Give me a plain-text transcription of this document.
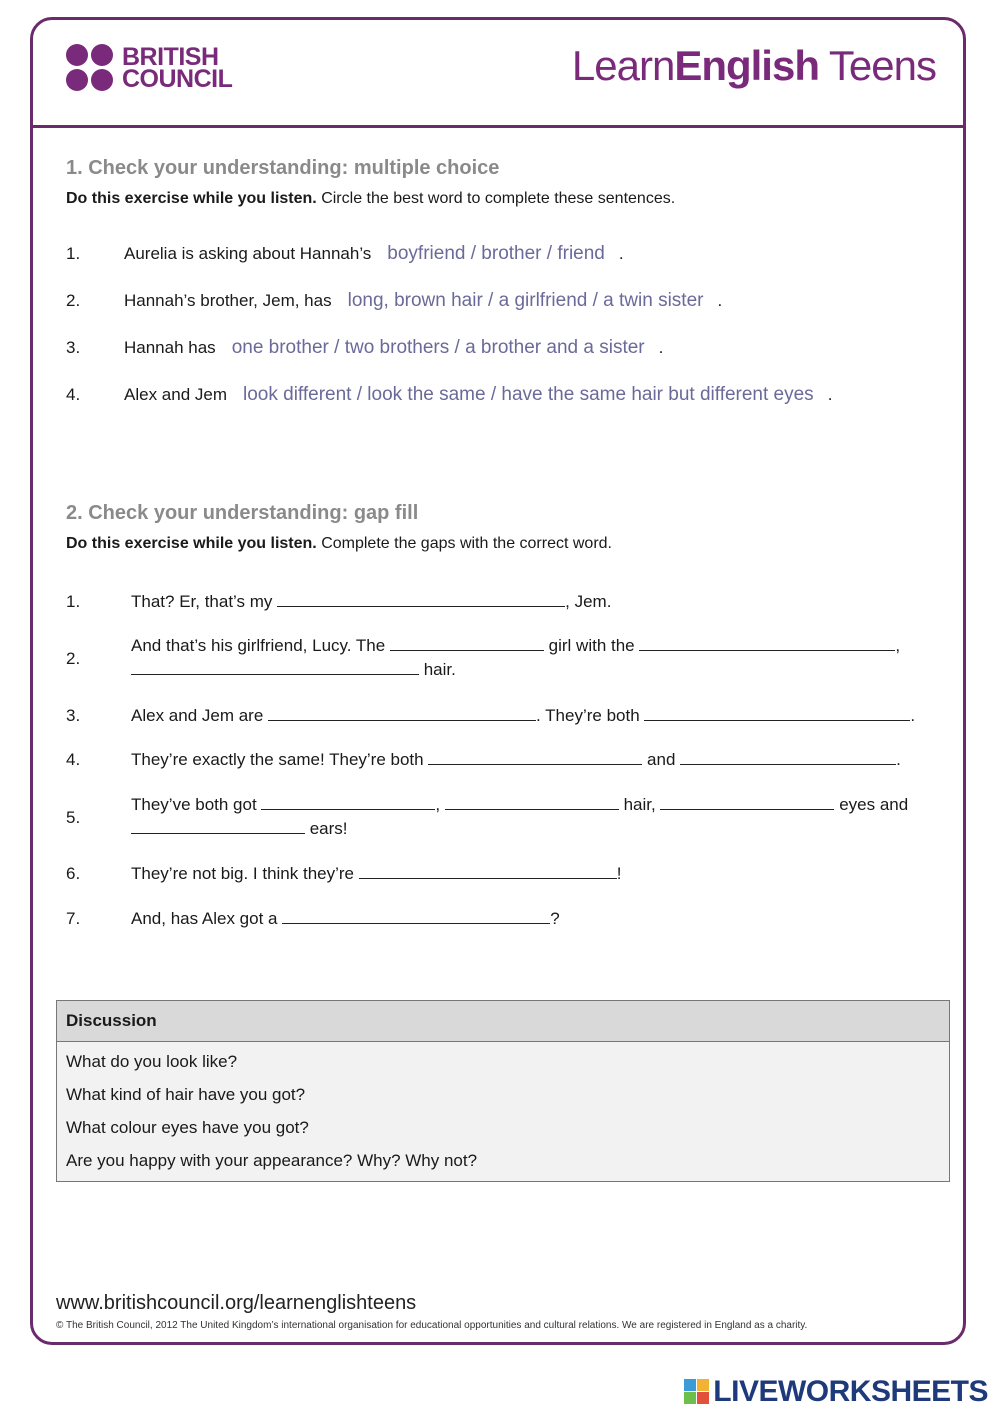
BRITISH
COUNCIL	LearnEnglish Teens
1. Check your understanding: multiple choice
Do this exercise while you listen. Circle the best word to complete these sentences.
1.	Aurelia is asking about Hannah’s boyfriend / brother / friend .
2.	Hannah’s brother, Jem, has long, brown hair / a girlfriend / a twin sister .
3.	Hannah has one brother / two brothers / a brother and a sister .
4.	Alex and Jem look different / look the same / have the same hair but different eyes .
2. Check your understanding: gap fill
Do this exercise while you listen. Complete the gaps with the correct word.
1.	That? Er, that’s my	, Jem.
2.
And that’s his girlfriend, Lucy. The	girl with the	,
hair.
3.	Alex and Jem are	. They’re both	.
4.	They’re exactly the same! They’re both	and	.
5.
They’ve both got	,	hair,	eyes and
ears!
6.	They’re not big. I think they’re	!
7.	And, has Alex got a	?
Discussion
What do you look like?
What kind of hair have you got?
What colour eyes have you got?
Are you happy with your appearance? Why? Why not?
www.britishcouncil.org/learnenglishteens
© The British Council, 2012 The United Kingdom’s international organisation for educational opportunities and cultural relations. We are registered in England as a charity.
LIVEWORKSHEETS
